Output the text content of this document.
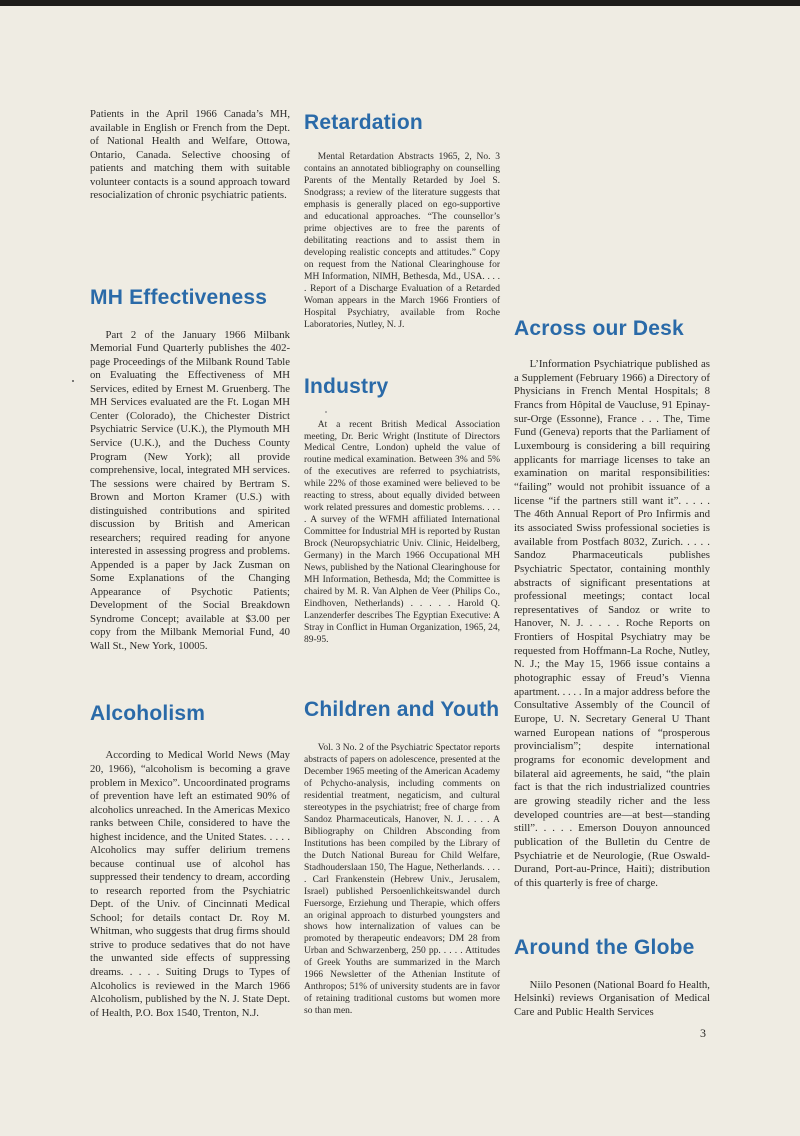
Patients in the April 1966 Canada’s MH, available in English or French from the Dept. of National Health and Welfare, Ottowa, Ontario, Canada. Selective choosing of patients and matching them with suitable volunteer contacts is a sound approach toward resocialization of chronic psychiatric patients.

MH Effectiveness

Part 2 of the January 1966 Milbank Memorial Fund Quarterly publishes the 402-page Proceedings of the Milbank Round Table on Evaluating the Effectiveness of MH Services, edited by Ernest M. Gruenberg. The MH Services evaluated are the Ft. Logan MH Center (Colorado), the Chichester District Psychiatric Service (U.K.), the Plymouth MH Service (U.K.), and the Duchess County Program (New York); all provide comprehensive, local, integrated MH services. The sessions were chaired by Bertram S. Brown and Morton Kramer (U.S.) with distinguished contributions and spirited discussion by British and American researchers; required reading for anyone interested in assessing progress and problems. Appended is a paper by Jack Zusman on Some Explanations of the Changing Appearance of Psychotic Patients; Development of the Social Breakdown Syndrome Concept; available at $3.00 per copy from the Milbank Memorial Fund, 40 Wall St., New York, 10005.

Alcoholism

According to Medical World News (May 20, 1966), “alcoholism is becoming a grave problem in Mexico”. Uncoordinated programs of prevention have left an estimated 90% of alcoholics unreached. In the Americas Mexico ranks between Chile, considered to have the highest incidence, and the United States. . . . . Alcoholics may suffer delirium tremens because continual use of alcohol has suppressed their tendency to dream, according to research reported from the Psychiatric Dept. of the Univ. of Cincinnati Medical School; for details contact Dr. Roy M. Whitman, who suggests that drug firms should strive to produce sedatives that do not have the unwanted side effects of suppressing dreams. . . . . Suiting Drugs to Types of Alcoholics is reviewed in the March 1966 Alcoholism, published by the N. J. State Dept. of Health, P.O. Box 1540, Trenton, N.J.

Retardation

Mental Retardation Abstracts 1965, 2, No. 3 contains an annotated bibliography on counselling Parents of the Mentally Retarded by Joel S. Snodgrass; a review of the literature suggests that emphasis is generally placed on ego-supportive and educational approaches. “The counsellor’s prime objectives are to free the parents of debilitating reactions and to assist them in developing realistic concepts and attitudes.” Copy on request from the National Clearinghouse for MH Information, NIMH, Bethesda, Md., USA. . . . . Report of a Discharge Evaluation of a Retarded Woman appears in the March 1966 Frontiers of Hospital Psychiatry, available from Roche Laboratories, Nutley, N. J.

Industry

At a recent British Medical Association meeting, Dr. Beric Wright (Institute of Directors Medical Centre, London) upheld the value of routine medical examination. Between 3% and 5% of the executives are referred to psychiatrists, while 22% of those examined were believed to be reacting to stress, about equally divided between work related pressures and domestic problems. . . . . A survey of the WFMH affiliated International Committee for Industrial MH is reported by Rustan Brock (Neuropsychiatric Univ. Clinic, Heidelberg, Germany) in the March 1966 Occupational MH News, published by the National Clearinghouse for MH Information, Bethesda, Md; the Committee is chaired by M. R. Van Alphen de Veer (Philips Co., Eindhoven, Netherlands) . . . . . Harold Q. Lanzenderfer describes The Egyptian Executive: A Stray in Conflict in Human Organization, 1965, 24, 89-95.

Children and Youth

Vol. 3 No. 2 of the Psychiatric Spectator reports abstracts of papers on adolescence, presented at the December 1965 meeting of the American Academy of Pchycho-analysis, including comments on residential treatment, negaticism, and cultural stereotypes in the psychiatrist; free of charge from Sandoz Pharmaceuticals, Hanover, N. J. . . . . A Bibliography on Children Absconding from Institutions has been compiled by the Library of the Dutch National Bureau for Child Welfare, Stadhouderslaan 150, The Hague, Netherlands. . . . . Carl Frankenstein (Hebrew Univ., Jerusalem, Israel) published Persoenlichkeitswandel durch Fuersorge, Erziehung und Therapie, which offers an original approach to disturbed youngsters and shows how internalization of values can be promoted by therapeutic endeavors; DM 28 from Urban and Schwarzenberg, 250 pp. . . . . Attitudes of Greek Youths are summarized in the March 1966 Newsletter of the Athenian Institute of Anthropos; 51% of university students are in favor of retaining traditional customs but women more so than men.

Across our Desk

L’Information Psychiatrique published as a Supplement (February 1966) a Directory of Physicians in French Mental Hospitals; 8 Francs from Hôpital de Vaucluse, 91 Epinay-sur-Orge (Essonne), France . . . The, Time Fund (Geneva) reports that the Parliament of Luxembourg is considering a bill requiring applicants for marriage licenses to take an examination on marital responsibilities: “failing” would not prohibit issuance of a license “if the partners still want it”. . . . . The 46th Annual Report of Pro Infirmis and its associated Swiss professional societies is available from Postfach 8032, Zurich. . . . . Sandoz Pharmaceuticals publishes Psychiatric Spectator, containing monthly abstracts of significant presentations at professional meetings; contact local representatives of Sandoz or write to Hanover, N. J. . . . . Roche Reports on Frontiers of Hospital Psychiatry may be requested from Hoffmann-La Roche, Nutley, N. J.; the May 15, 1966 issue contains a photographic essay of Freud’s Vienna apartment. . . . . In a major address before the Consultative Assembly of the Council of Europe, U. N. Secretary General U Thant warned European nations of “prosperous provincialism”; despite international programs for economic development and bilateral aid agreements, he said, “the plain fact is that the rich industrialized countries are growing steadily richer and the less developed countries are—at best—standing still”. . . . . Emerson Douyon announced publication of the Bulletin du Centre de Psychiatrie et de Neurologie, (Rue Oswald-Durand, Port-au-Prince, Haiti); distribution of this quarterly is free of charge.

Around the Globe

Niilo Pesonen (National Board fo Health, Helsinki) reviews Organisation of Medical Care and Public Health Services

3
